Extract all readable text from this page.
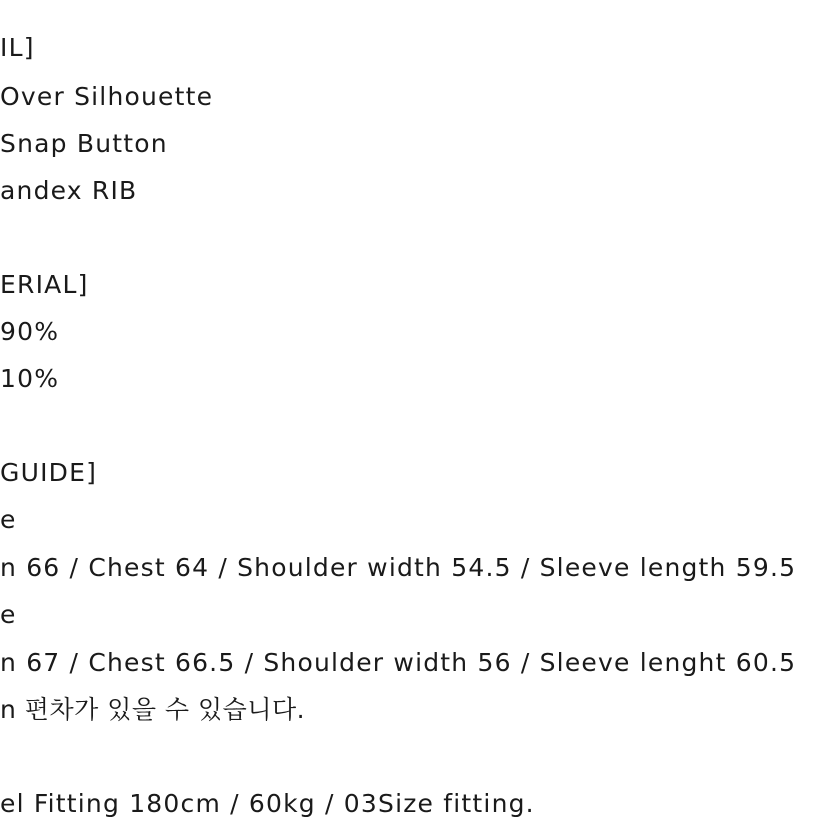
IL]
Over Silhouette
Snap Button
andex RIB
ERIAL]
90%
10%
GUIDE]
e
n 66 / Chest 64 / Shoulder width 54.5 / Sleeve length 59.5
e
n 67 / Chest 66.5 / Shoulder width 56 / Sleeve lenght 60.5
n 편차가 있을 수 있습니다.
el Fitting 180cm / 60kg / 03Size fitting.
